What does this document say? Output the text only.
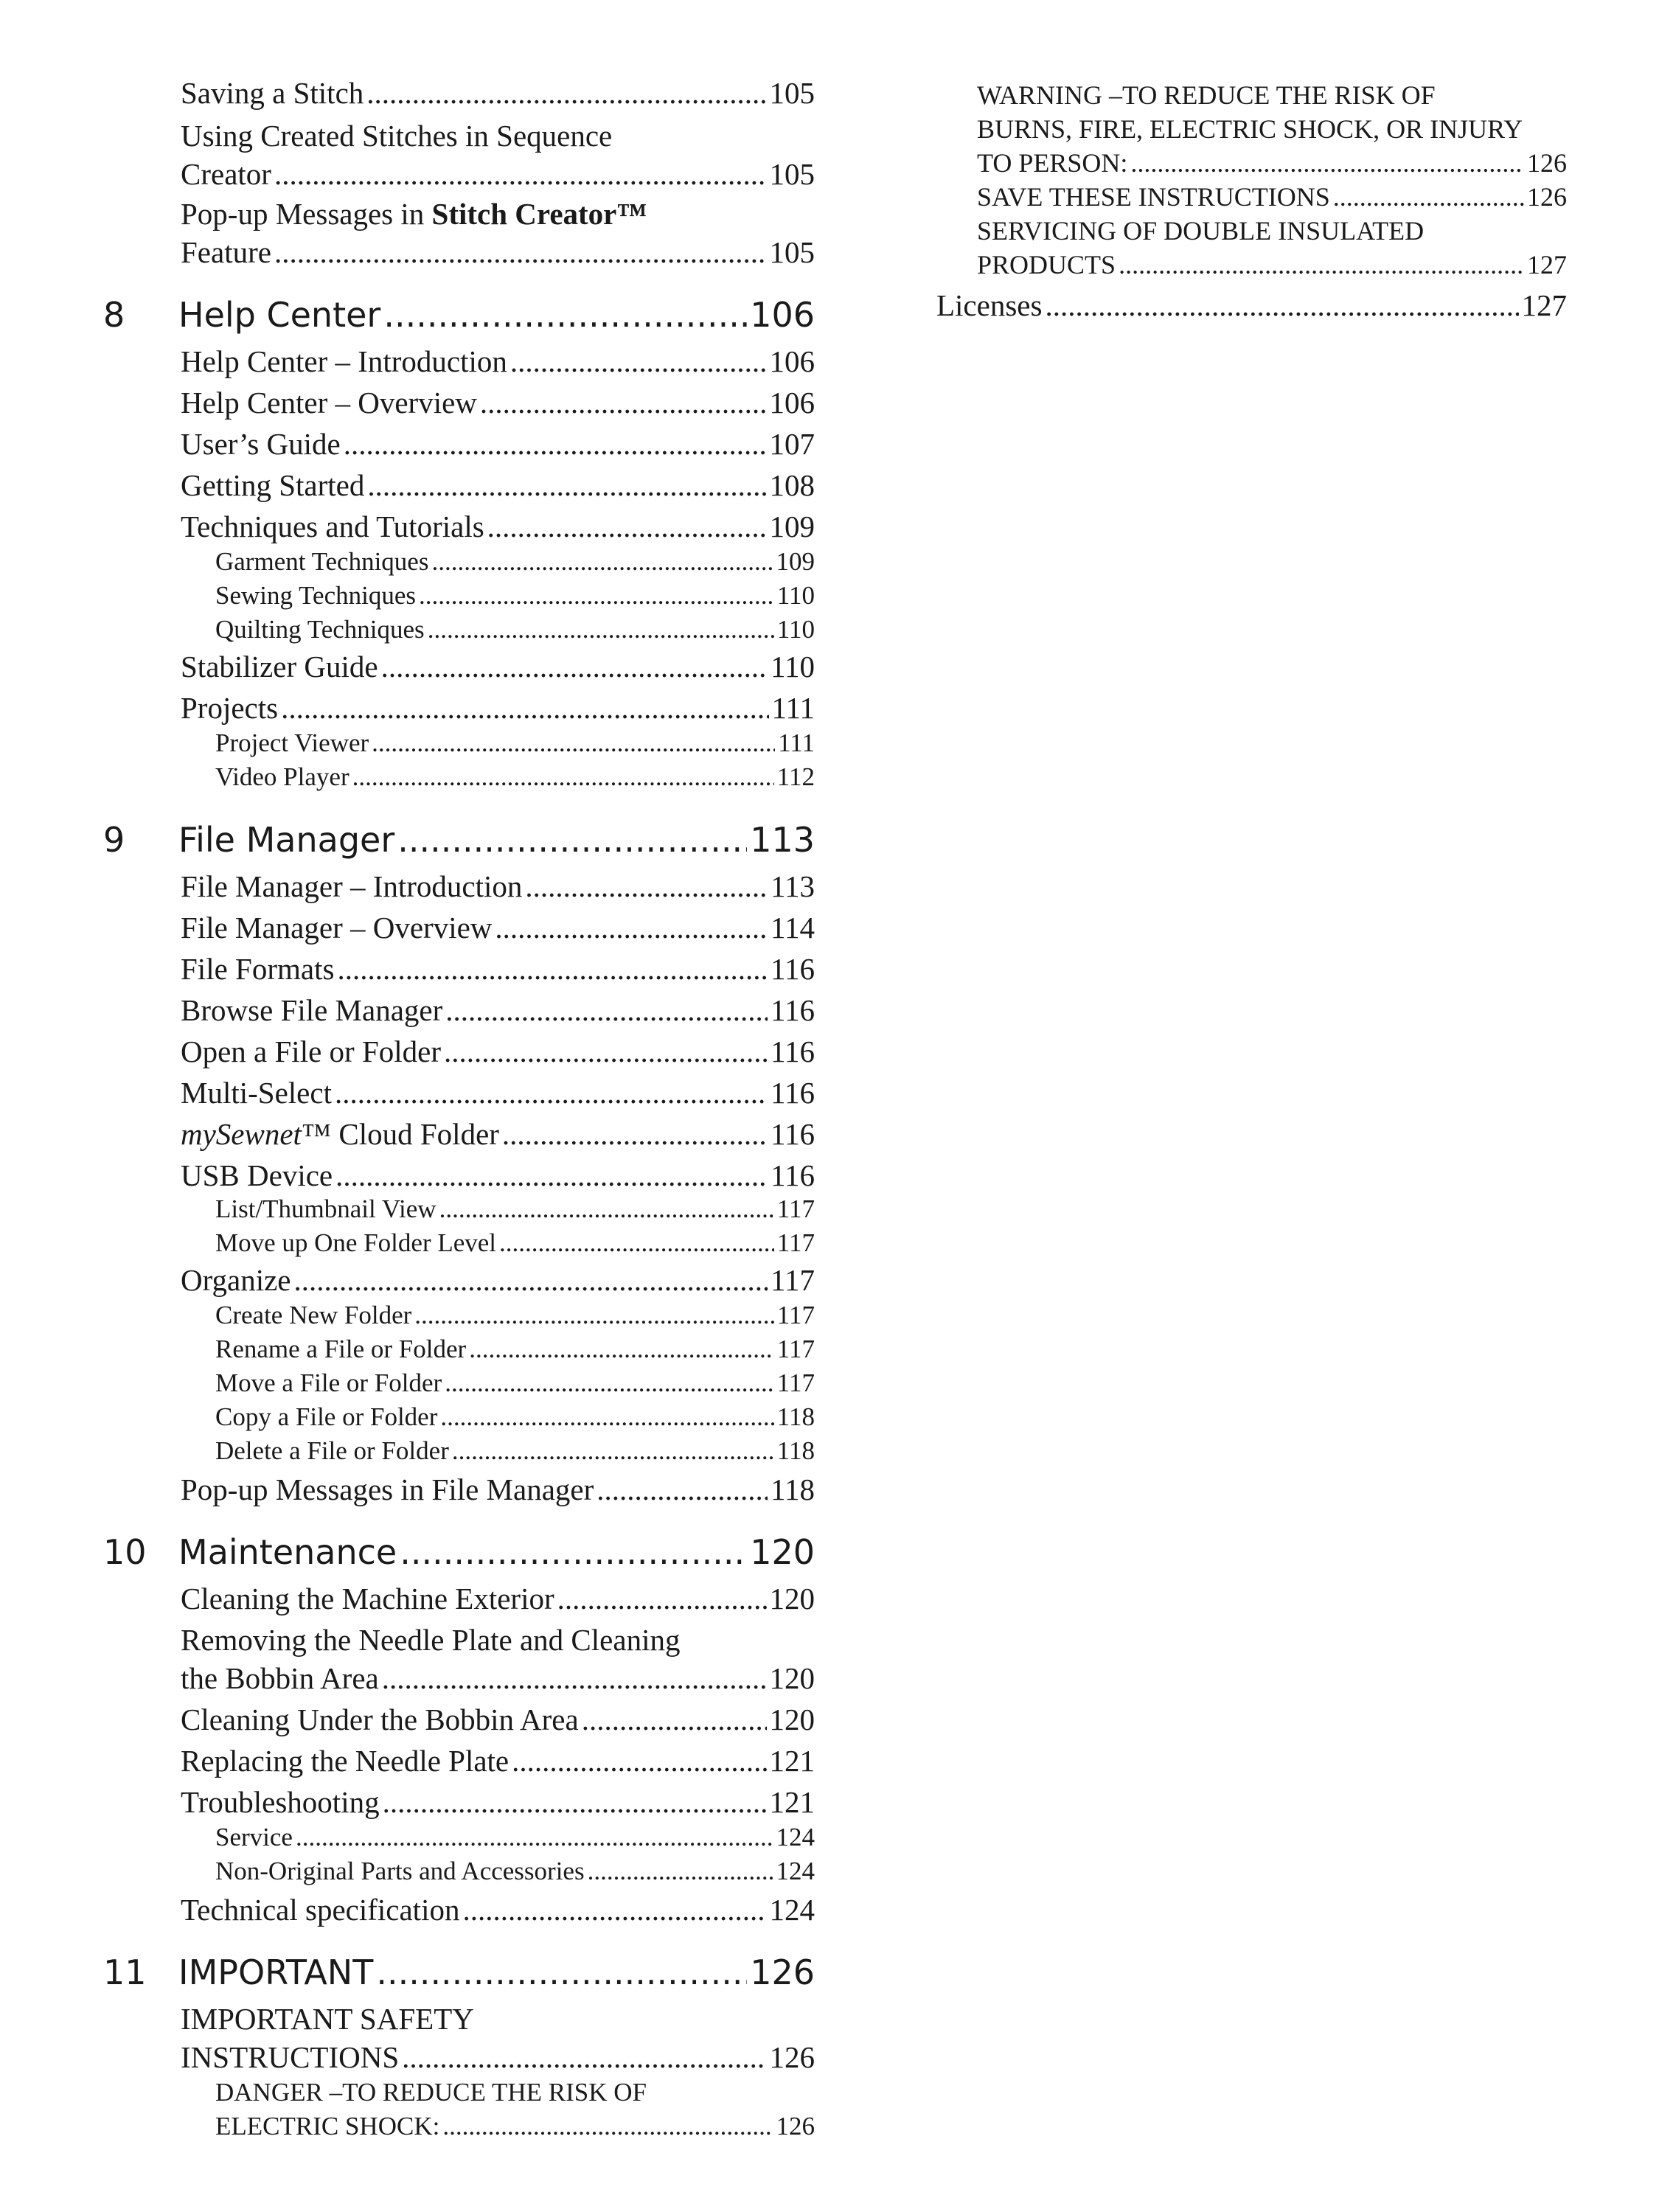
Saving a Stitch .....	105
Using Created Stitches in Sequence
Creator .....	105
Pop-up Messages in Stitch Creator™
Feature .....	105
8 Help Center .....	106
Help Center – Introduction .....	106
Help Center – Overview .....	106
User’s Guide .....	107
Getting Started .....	108
Techniques and Tutorials .....	109
Garment Techniques .....	109
Sewing Techniques .....	110
Quilting Techniques .....	110
Stabilizer Guide .....	110
Projects .....	111
Project Viewer .....	111
Video Player .....	112
9 File Manager .....	113
File Manager – Introduction .....	113
File Manager – Overview .....	114
File Formats .....	116
Browse File Manager .....	116
Open a File or Folder .....	116
Multi-Select .....	116
mySewnet™ Cloud Folder .....	116
USB Device .....	116
List/Thumbnail View .....	117
Move up One Folder Level .....	117
Organize .....	117
Create New Folder .....	117
Rename a File or Folder .....	117
Move a File or Folder .....	117
Copy a File or Folder .....	118
Delete a File or Folder .....	118
Pop-up Messages in File Manager .....	118
10 Maintenance .....	120
Cleaning the Machine Exterior .....	120
Removing the Needle Plate and Cleaning
the Bobbin Area .....	120
Cleaning Under the Bobbin Area .....	120
Replacing the Needle Plate .....	121
Troubleshooting .....	121
Service .....	124
Non-Original Parts and Accessories .....	124
Technical specification .....	124
11 IMPORTANT .....	126
IMPORTANT SAFETY
INSTRUCTIONS .....	126
DANGER –TO REDUCE THE RISK OF
ELECTRIC SHOCK: .....	126
WARNING –TO REDUCE THE RISK OF
BURNS, FIRE, ELECTRIC SHOCK, OR INJURY
TO PERSON: .....	126
SAVE THESE INSTRUCTIONS .....	126
SERVICING OF DOUBLE INSULATED
PRODUCTS .....	127
Licenses .....	127
